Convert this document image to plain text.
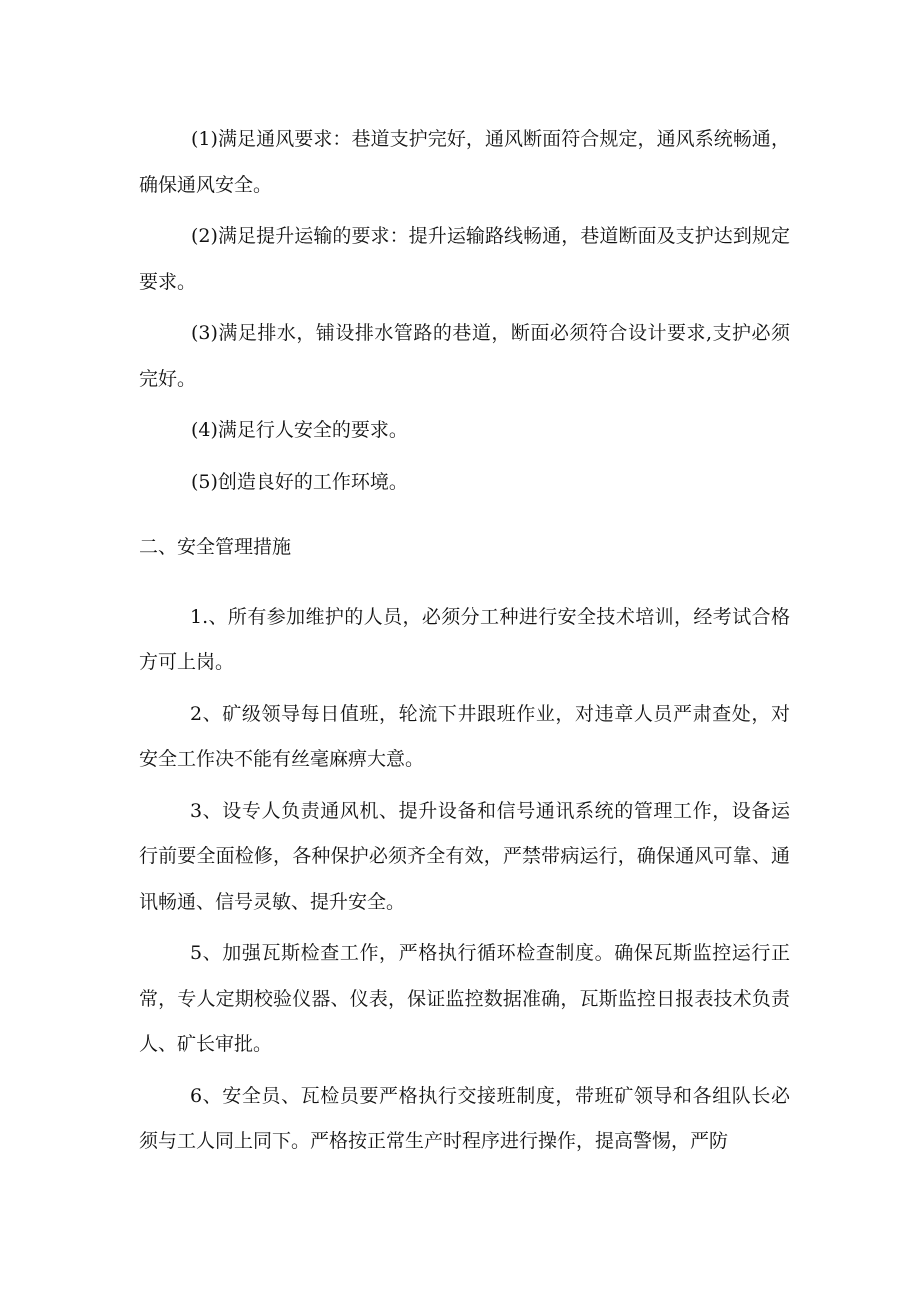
(1)满足通风要求：巷道支护完好，通风断面符合规定，通风系统畅通，确保通风安全。

(2)满足提升运输的要求：提升运输路线畅通，巷道断面及支护达到规定要求。

(3)满足排水，铺设排水管路的巷道，断面必须符合设计要求,支护必须完好。

(4)满足行人安全的要求。

(5)创造良好的工作环境。

二、安全管理措施

1.、所有参加维护的人员，必须分工种进行安全技术培训，经考试合格方可上岗。

2、矿级领导每日值班，轮流下井跟班作业，对违章人员严肃查处，对安全工作决不能有丝毫麻痹大意。

3、设专人负责通风机、提升设备和信号通讯系统的管理工作，设备运行前要全面检修，各种保护必须齐全有效，严禁带病运行，确保通风可靠、通讯畅通、信号灵敏、提升安全。

5、加强瓦斯检查工作，严格执行循环检查制度。确保瓦斯监控运行正常，专人定期校验仪器、仪表，保证监控数据准确，瓦斯监控日报表技术负责人、矿长审批。

6、安全员、瓦检员要严格执行交接班制度，带班矿领导和各组队长必须与工人同上同下。严格按正常生产时程序进行操作，提高警惕，严防
